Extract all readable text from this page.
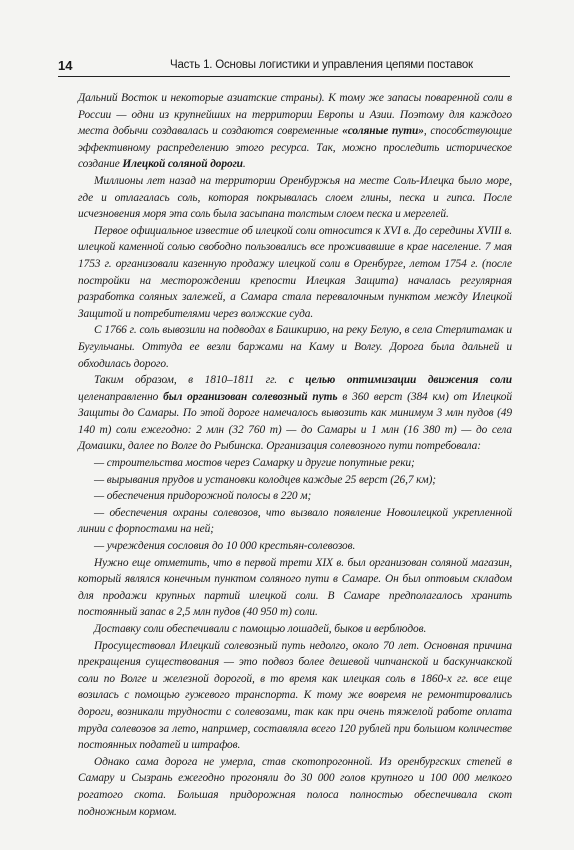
14	Часть 1. Основы логистики и управления цепями поставок

Дальний Восток и некоторые азиатские страны). К тому же запасы поваренной соли в России — одни из крупнейших на территории Европы и Азии. Поэтому для каждого места добычи создавалась и создаются современные «соляные пути», способствующие эффективному распределению этого ресурса. Так, можно проследить историческое создание Илецкой соляной дороги.

Миллионы лет назад на территории Оренбуржья на месте Соль-Илецка было море, где и отлагалась соль, которая покрывалась слоем глины, песка и гипса. После исчезновения моря эта соль была засыпана толстым слоем песка и мергелей.

Первое официальное известие об илецкой соли относится к XVI в. До середины XVIII в. илецкой каменной солью свободно пользовались все проживавшие в крае население. 7 мая 1753 г. организовали казенную продажу илецкой соли в Оренбурге, летом 1754 г. (после постройки на месторождении крепости Илецкая Защита) началась регулярная разработка соляных залежей, а Самара стала перевалочным пунктом между Илецкой Защитой и потребителями через волжские суда.

С 1766 г. соль вывозили на подводах в Башкирию, на реку Белую, в села Стерлитамак и Бугульчаны. Оттуда ее везли баржами на Каму и Волгу. Дорога была дальней и обходилась дорого.

Таким образом, в 1810–1811 гг. с целью оптимизации движения соли целенаправленно был организован солевозный путь в 360 верст (384 км) от Илецкой Защиты до Самары. По этой дороге намечалось вывозить как минимум 3 млн пудов (49 140 т) соли ежегодно: 2 млн (32 760 т) — до Самары и 1 млн (16 380 т) — до села Домашки, далее по Волге до Рыбинска. Организация солевозного пути потребовала:

— строительства мостов через Самарку и другие попутные реки;

— вырывания прудов и установки колодцев каждые 25 верст (26,7 км);

— обеспечения придорожной полосы в 220 м;

— обеспечения охраны солевозов, что вызвало появление Новоилецкой укрепленной линии с форпостами на ней;

— учреждения сословия до 10 000 крестьян-солевозов.

Нужно еще отметить, что в первой трети XIX в. был организован соляной магазин, который являлся конечным пунктом соляного пути в Самаре. Он был оптовым складом для продажи крупных партий илецкой соли. В Самаре предполагалось хранить постоянный запас в 2,5 млн пудов (40 950 т) соли.

Доставку соли обеспечивали с помощью лошадей, быков и верблюдов.

Просуществовал Илецкий солевозный путь недолго, около 70 лет. Основная причина прекращения существования — это подвоз более дешевой чипчанской и баскунчакской соли по Волге и железной дорогой, в то время как илецкая соль в 1860-х гг. все еще возилась с помощью гужевого транспорта. К тому же вовремя не ремонтировались дороги, возникали трудности с солевозами, так как при очень тяжелой работе оплата труда солевозов за лето, например, составляла всего 120 рублей при большом количестве постоянных податей и штрафов.

Однако сама дорога не умерла, став скотопрогонной. Из оренбургских степей в Самару и Сызрань ежегодно прогоняли до 30 000 голов крупного и 100 000 мелкого рогатого скота. Большая придорожная полоса полностью обеспечивала скот подножным кормом.
